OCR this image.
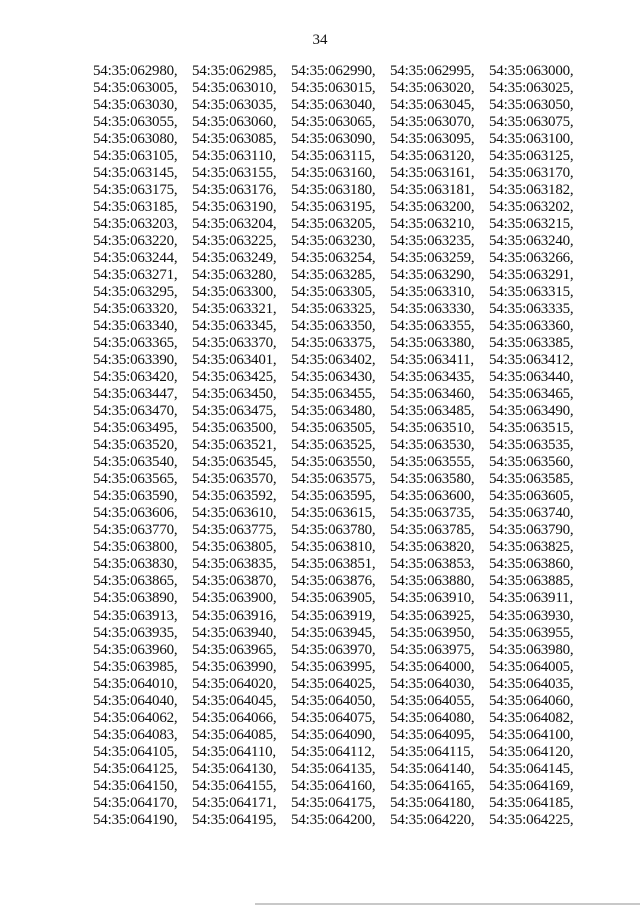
34
54:35:062980, 54:35:062985, 54:35:062990, 54:35:062995, 54:35:063000,
54:35:063005, 54:35:063010, 54:35:063015, 54:35:063020, 54:35:063025,
54:35:063030, 54:35:063035, 54:35:063040, 54:35:063045, 54:35:063050,
54:35:063055, 54:35:063060, 54:35:063065, 54:35:063070, 54:35:063075,
54:35:063080, 54:35:063085, 54:35:063090, 54:35:063095, 54:35:063100,
54:35:063105, 54:35:063110,	54:35:063115,	54:35:063120, 54:35:063125,
54:35:063145, 54:35:063155, 54:35:063160, 54:35:063161, 54:35:063170,
54:35:063175, 54:35:063176, 54:35:063180, 54:35:063181, 54:35:063182,
54:35:063185, 54:35:063190, 54:35:063195, 54:35:063200, 54:35:063202,
54:35:063203, 54:35:063204, 54:35:063205, 54:35:063210, 54:35:063215,
54:35:063220, 54:35:063225, 54:35:063230, 54:35:063235, 54:35:063240,
54:35:063244, 54:35:063249, 54:35:063254, 54:35:063259, 54:35:063266,
54:35:063271, 54:35:063280, 54:35:063285, 54:35:063290, 54:35:063291,
54:35:063295, 54:35:063300, 54:35:063305, 54:35:063310, 54:35:063315,
54:35:063320, 54:35:063321, 54:35:063325, 54:35:063330, 54:35:063335,
54:35:063340, 54:35:063345, 54:35:063350, 54:35:063355, 54:35:063360,
54:35:063365, 54:35:063370, 54:35:063375, 54:35:063380, 54:35:063385,
54:35:063390, 54:35:063401, 54:35:063402, 54:35:063411,	54:35:063412,
54:35:063420, 54:35:063425, 54:35:063430, 54:35:063435, 54:35:063440,
54:35:063447, 54:35:063450, 54:35:063455, 54:35:063460, 54:35:063465,
54:35:063470, 54:35:063475, 54:35:063480, 54:35:063485, 54:35:063490,
54:35:063495, 54:35:063500, 54:35:063505, 54:35:063510, 54:35:063515,
54:35:063520, 54:35:063521, 54:35:063525, 54:35:063530, 54:35:063535,
54:35:063540, 54:35:063545, 54:35:063550, 54:35:063555, 54:35:063560,
54:35:063565, 54:35:063570, 54:35:063575, 54:35:063580, 54:35:063585,
54:35:063590, 54:35:063592, 54:35:063595, 54:35:063600, 54:35:063605,
54:35:063606, 54:35:063610, 54:35:063615, 54:35:063735, 54:35:063740,
54:35:063770, 54:35:063775, 54:35:063780, 54:35:063785, 54:35:063790,
54:35:063800, 54:35:063805, 54:35:063810, 54:35:063820, 54:35:063825,
54:35:063830, 54:35:063835, 54:35:063851, 54:35:063853, 54:35:063860,
54:35:063865, 54:35:063870, 54:35:063876, 54:35:063880, 54:35:063885,
54:35:063890, 54:35:063900, 54:35:063905, 54:35:063910, 54:35:063911,
54:35:063913, 54:35:063916, 54:35:063919, 54:35:063925, 54:35:063930,
54:35:063935, 54:35:063940, 54:35:063945, 54:35:063950, 54:35:063955,
54:35:063960, 54:35:063965, 54:35:063970, 54:35:063975, 54:35:063980,
54:35:063985, 54:35:063990, 54:35:063995, 54:35:064000, 54:35:064005,
54:35:064010, 54:35:064020, 54:35:064025, 54:35:064030, 54:35:064035,
54:35:064040, 54:35:064045, 54:35:064050, 54:35:064055, 54:35:064060,
54:35:064062, 54:35:064066, 54:35:064075, 54:35:064080, 54:35:064082,
54:35:064083, 54:35:064085, 54:35:064090, 54:35:064095, 54:35:064100,
54:35:064105, 54:35:064110,	54:35:064112,	54:35:064115,	54:35:064120,
54:35:064125, 54:35:064130, 54:35:064135, 54:35:064140, 54:35:064145,
54:35:064150, 54:35:064155, 54:35:064160, 54:35:064165, 54:35:064169,
54:35:064170, 54:35:064171, 54:35:064175, 54:35:064180, 54:35:064185,
54:35:064190, 54:35:064195, 54:35:064200, 54:35:064220, 54:35:064225,
